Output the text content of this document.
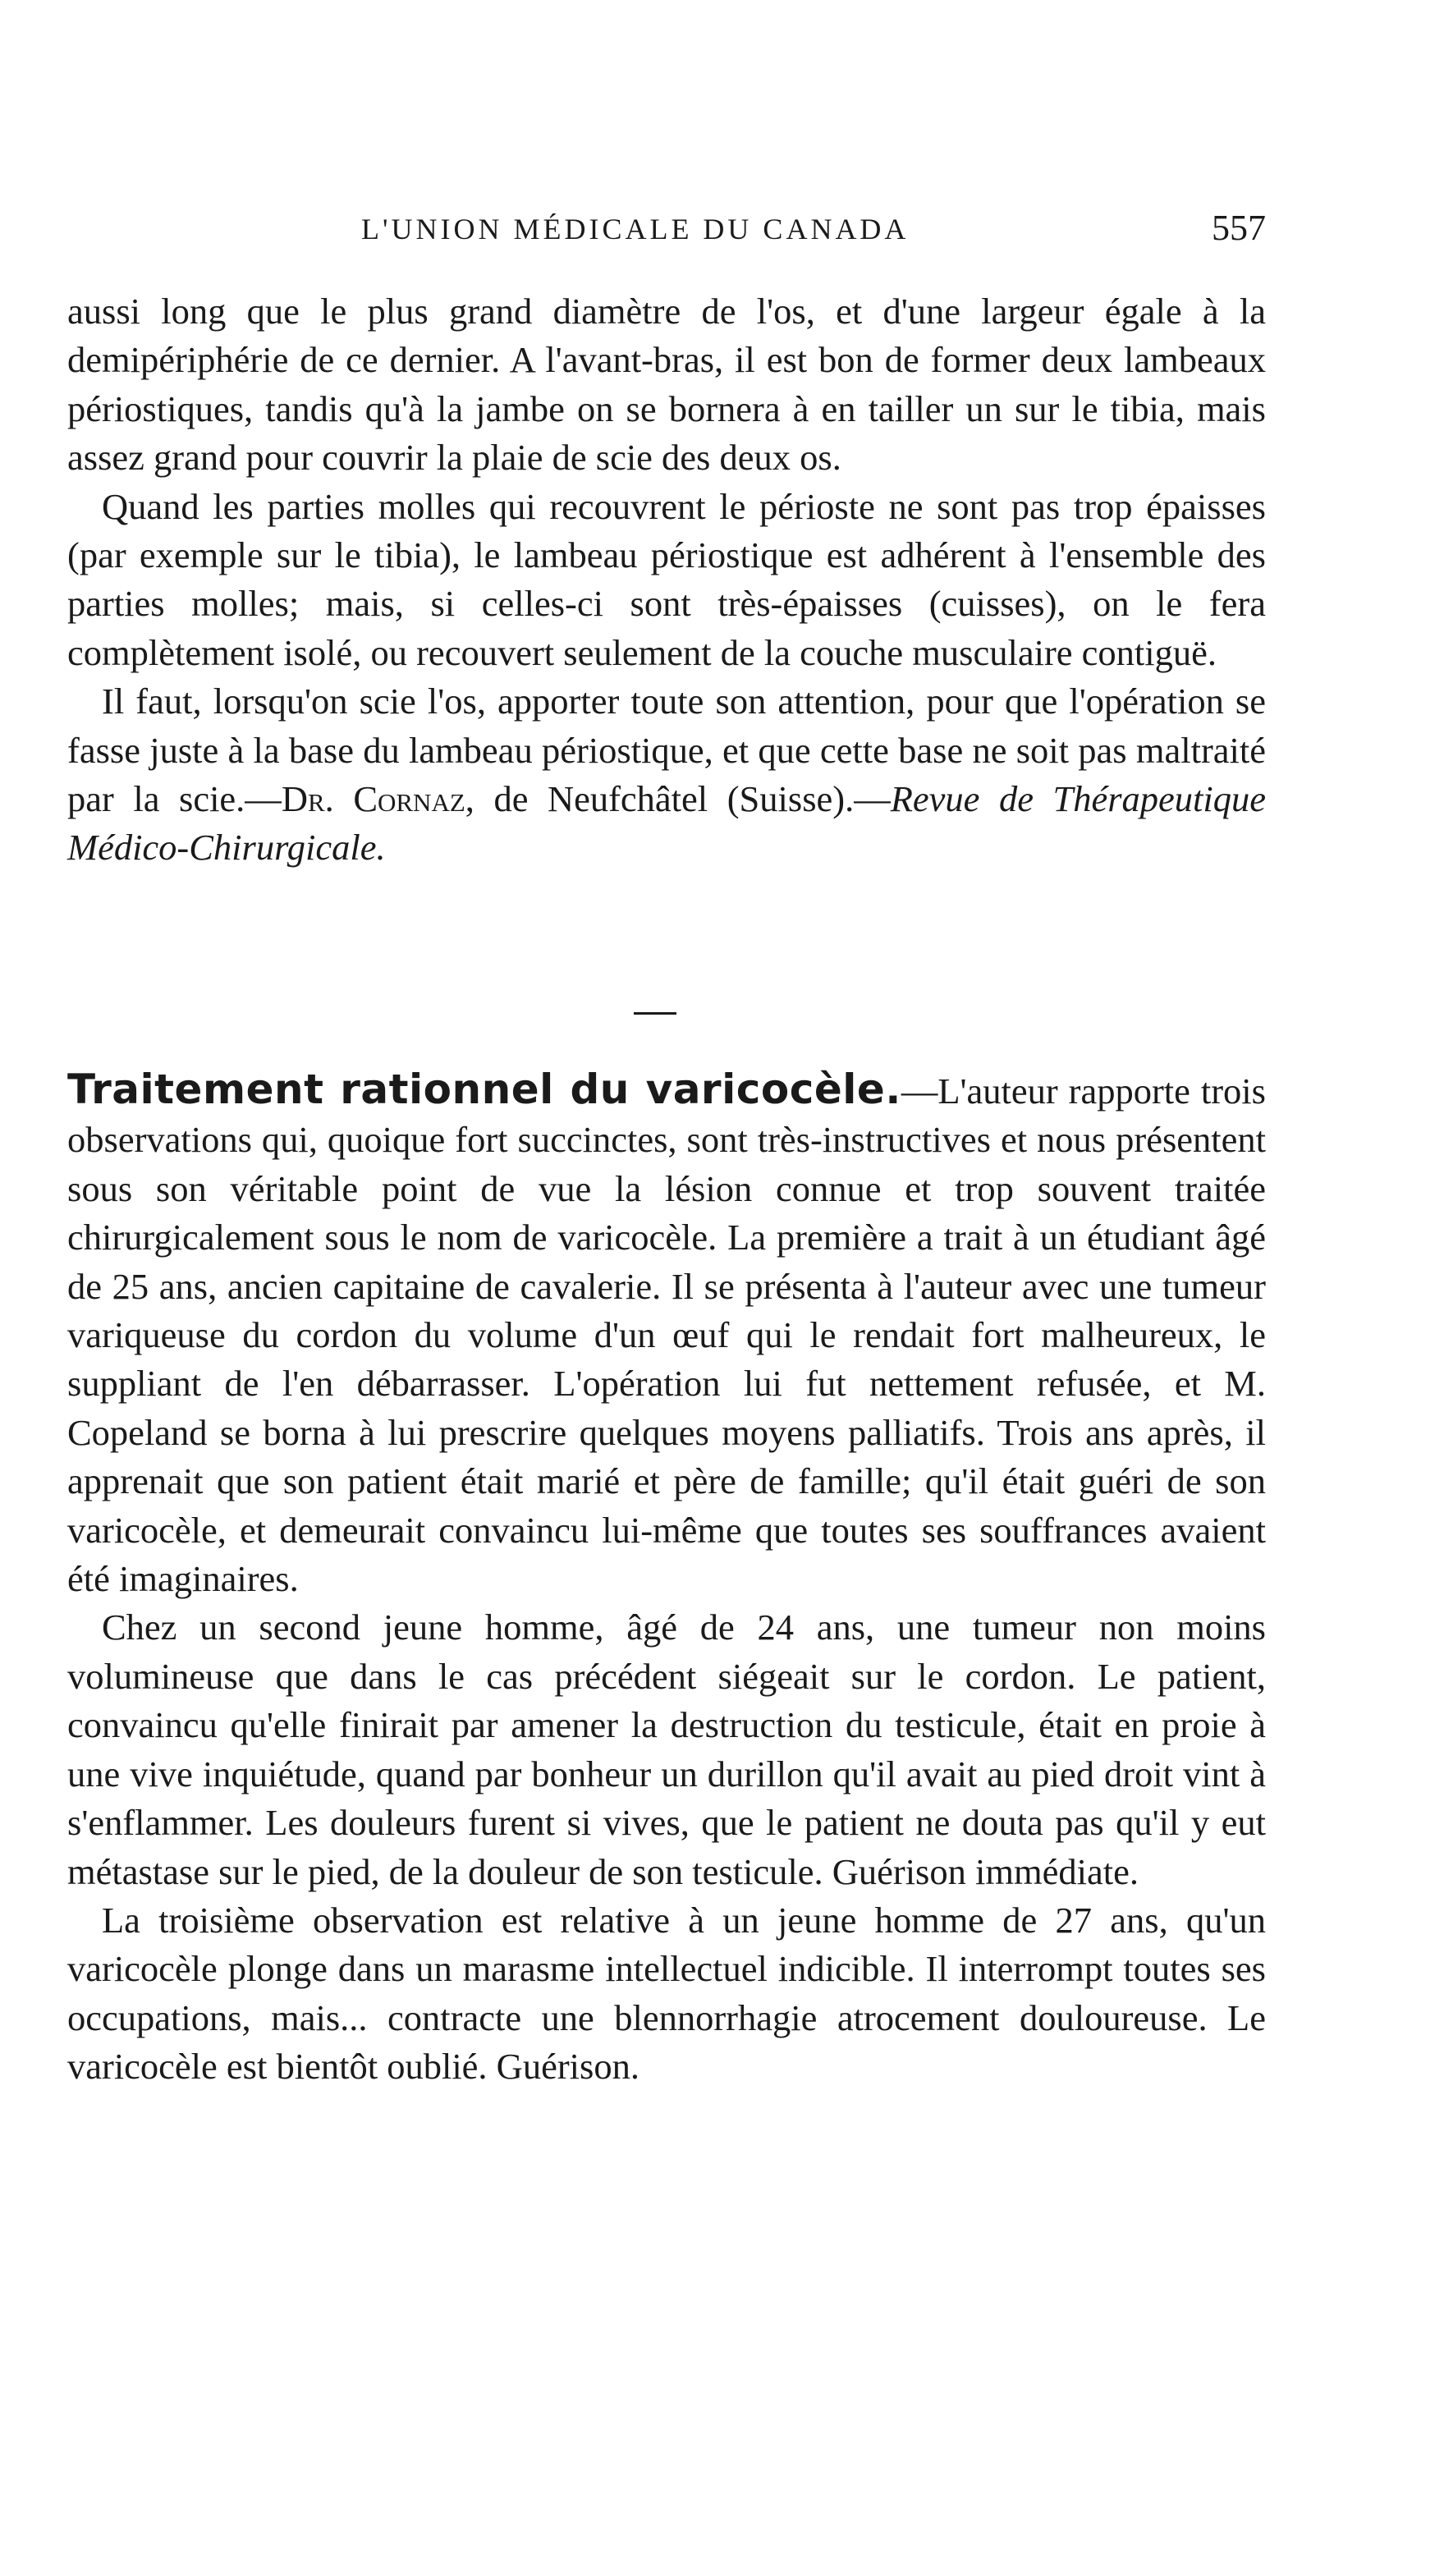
L'UNION MÉDICALE DU CANADA	557

aussi long que le plus grand diamètre de l'os, et d'une largeur égale à la demipériphérie de ce dernier. A l'avant-bras, il est bon de former deux lambeaux périostiques, tandis qu'à la jambe on se bornera à en tailler un sur le tibia, mais assez grand pour couvrir la plaie de scie des deux os.

Quand les parties molles qui recouvrent le périoste ne sont pas trop épaisses (par exemple sur le tibia), le lambeau périostique est adhérent à l'ensemble des parties molles; mais, si celles-ci sont très-épaisses (cuisses), on le fera complètement isolé, ou recouvert seulement de la couche musculaire contiguë.

Il faut, lorsqu'on scie l'os, apporter toute son attention, pour que l'opération se fasse juste à la base du lambeau périostique, et que cette base ne soit pas maltraité par la scie.—Dr. Cornaz, de Neufchâtel (Suisse).—Revue de Thérapeutique Médico-Chirurgicale.

Traitement rationnel du varicocèle.—L'auteur rapporte trois observations qui, quoique fort succinctes, sont très-instructives et nous présentent sous son véritable point de vue la lésion connue et trop souvent traitée chirurgicalement sous le nom de varicocèle. La première a trait à un étudiant âgé de 25 ans, ancien capitaine de cavalerie. Il se présenta à l'auteur avec une tumeur variqueuse du cordon du volume d'un œuf qui le rendait fort malheureux, le suppliant de l'en débarrasser. L'opération lui fut nettement refusée, et M. Copeland se borna à lui prescrire quelques moyens palliatifs. Trois ans après, il apprenait que son patient était marié et père de famille; qu'il était guéri de son varicocèle, et demeurait convaincu lui-même que toutes ses souffrances avaient été imaginaires.

Chez un second jeune homme, âgé de 24 ans, une tumeur non moins volumineuse que dans le cas précédent siégeait sur le cordon. Le patient, convaincu qu'elle finirait par amener la destruction du testicule, était en proie à une vive inquiétude, quand par bonheur un durillon qu'il avait au pied droit vint à s'enflammer. Les douleurs furent si vives, que le patient ne douta pas qu'il y eut métastase sur le pied, de la douleur de son testicule. Guérison immédiate.

La troisième observation est relative à un jeune homme de 27 ans, qu'un varicocèle plonge dans un marasme intellectuel indicible. Il interrompt toutes ses occupations, mais... contracte une blennorrhagie atrocement douloureuse. Le varicocèle est bientôt oublié. Guérison.
